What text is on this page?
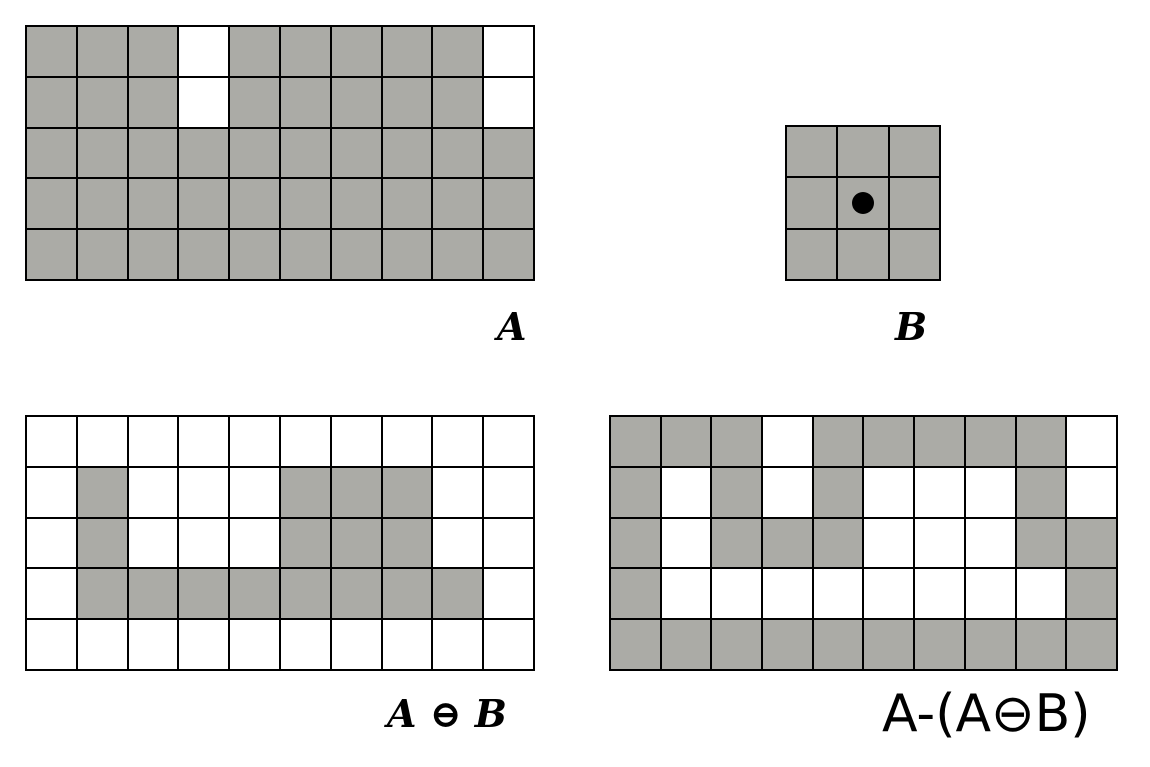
A	B
A ⊖ B	A-(A⊖B)
